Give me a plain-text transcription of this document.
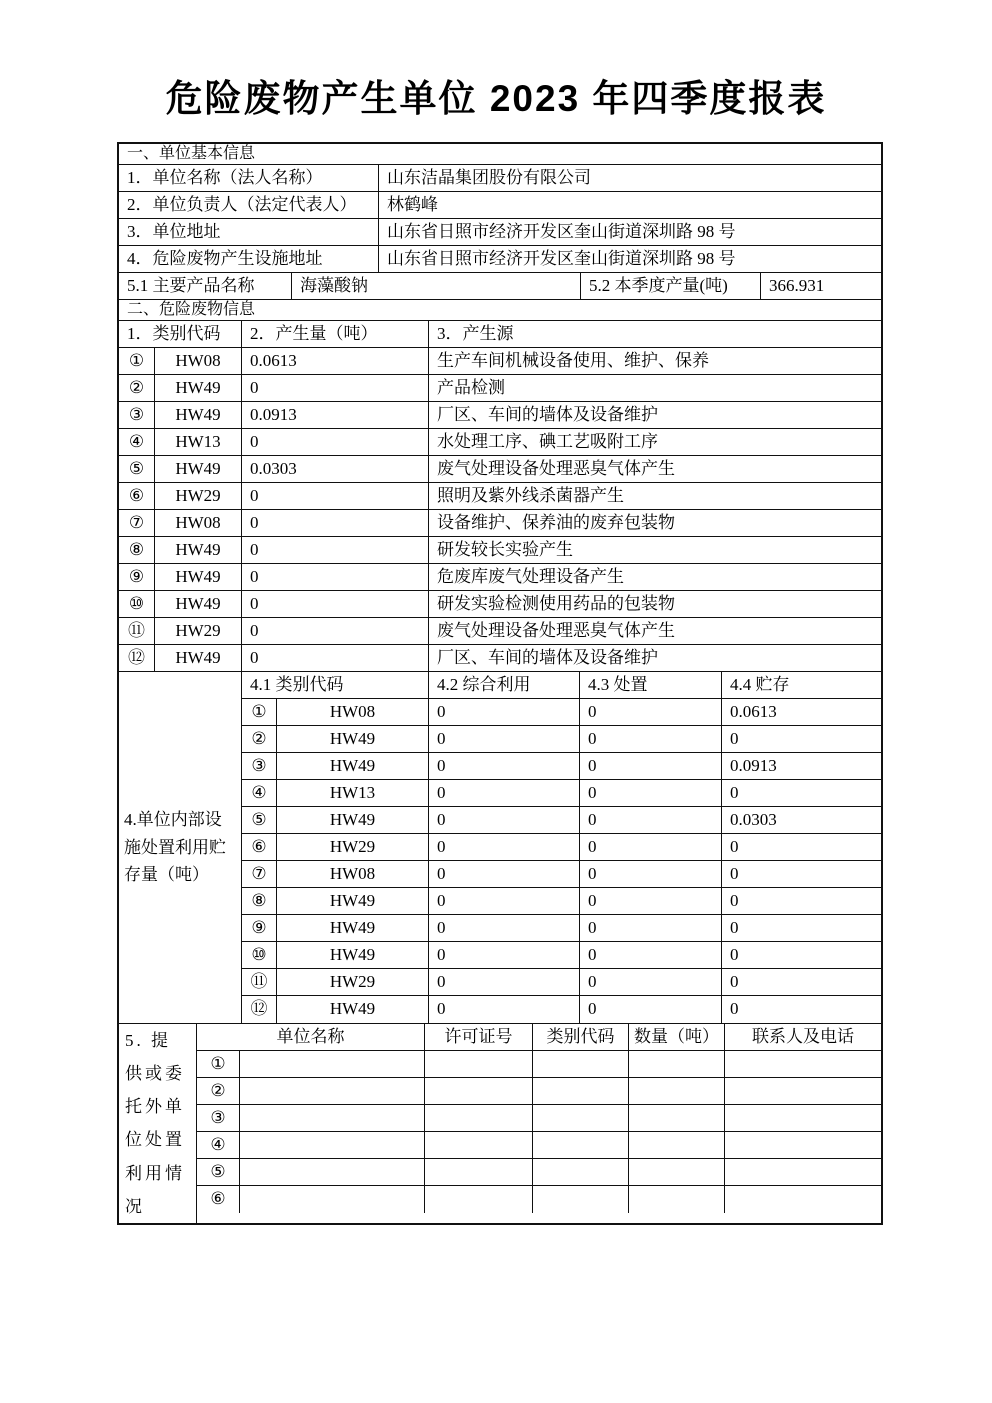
危险废物产生单位 2023 年四季度报表
一、单位基本信息
1．单位名称（法人名称）	山东洁晶集团股份有限公司
2．单位负责人（法定代表人）	林鹤峰
3．单位地址	山东省日照市经济开发区奎山街道深圳路 98 号
4．危险废物产生设施地址	山东省日照市经济开发区奎山街道深圳路 98 号
5.1 主要产品名称	海藻酸钠	5.2 本季度产量(吨)	366.931
二、危险废物信息
1．类别代码	2．产生量（吨）	3．产生源
①	HW08	0.0613	生产车间机械设备使用、维护、保养
②	HW49	0	产品检测
③	HW49	0.0913	厂区、车间的墙体及设备维护
④	HW13	0	水处理工序、碘工艺吸附工序
⑤	HW49	0.0303	废气处理设备处理恶臭气体产生
⑥	HW29	0	照明及紫外线杀菌器产生
⑦	HW08	0	设备维护、保养油的废弃包装物
⑧	HW49	0	研发较长实验产生
⑨	HW49	0	危废库废气处理设备产生
⑩	HW49	0	研发实验检测使用药品的包装物
⑪	HW29	0	废气处理设备处理恶臭气体产生
⑫	HW49	0	厂区、车间的墙体及设备维护
4.单位内部设施处置利用贮存量（吨）
4.1 类别代码	4.2 综合利用	4.3 处置	4.4 贮存
①	HW08	0	0	0.0613
②	HW49	0	0	0
③	HW49	0	0	0.0913
④	HW13	0	0	0
⑤	HW49	0	0	0.0303
⑥	HW29	0	0	0
⑦	HW08	0	0	0
⑧	HW49	0	0	0
⑨	HW49	0	0	0
⑩	HW49	0	0	0
⑪	HW29	0	0	0
⑫	HW49	0	0	0
5. 提供或委托外单位处置利用情况
单位名称	许可证号	类别代码	数量（吨）	联系人及电话
①
②
③
④
⑤
⑥
